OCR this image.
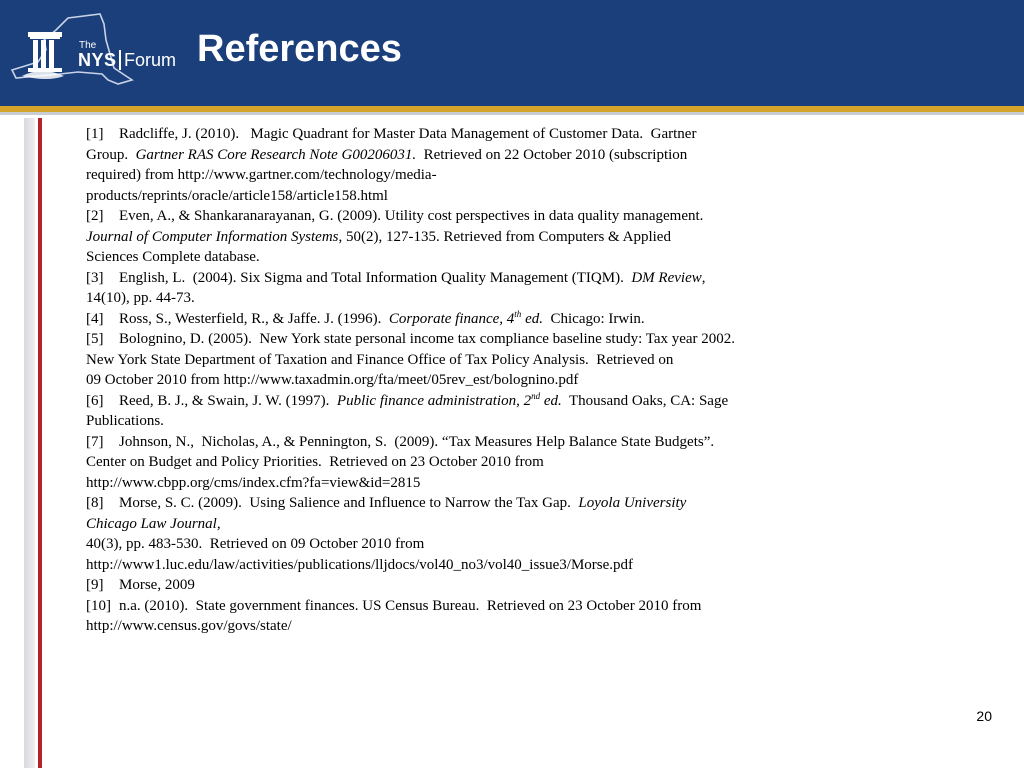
The
NYS Forum References

[1] Radcliffe, J. (2010).   Magic Quadrant for Master Data Management of Customer Data.  Gartner
Group.  Gartner RAS Core Research Note G00206031.  Retrieved on 22 October 2010 (subscription
required) from http://www.gartner.com/technology/media-
products/reprints/oracle/article158/article158.html

[2] Even, A., & Shankaranarayanan, G. (2009). Utility cost perspectives in data quality management.
Journal of Computer Information Systems, 50(2), 127-135. Retrieved from Computers & Applied
Sciences Complete database.

[3] English, L.  (2004). Six Sigma and Total Information Quality Management (TIQM).  DM Review,
14(10), pp. 44-73.

[4] Ross, S., Westerfield, R., & Jaffe. J. (1996).  Corporate finance, 4th ed.  Chicago: Irwin.

[5] Bolognino, D. (2005).  New York state personal income tax compliance baseline study: Tax year 2002.
New York State Department of Taxation and Finance Office of Tax Policy Analysis.  Retrieved on
09 October 2010 from http://www.taxadmin.org/fta/meet/05rev_est/bolognino.pdf

[6] Reed, B. J., & Swain, J. W. (1997).  Public finance administration, 2nd ed.  Thousand Oaks, CA: Sage
Publications.

[7] Johnson, N.,  Nicholas, A., & Pennington, S.  (2009). “Tax Measures Help Balance State Budgets”.
Center on Budget and Policy Priorities.  Retrieved on 23 October 2010 from
http://www.cbpp.org/cms/index.cfm?fa=view&id=2815

[8] Morse, S. C. (2009).  Using Salience and Influence to Narrow the Tax Gap.  Loyola University
Chicago Law Journal,
40(3), pp. 483-530.  Retrieved on 09 October 2010 from
http://www1.luc.edu/law/activities/publications/lljdocs/vol40_no3/vol40_issue3/Morse.pdf

[9] Morse, 2009

[10] n.a. (2010).  State government finances. US Census Bureau.  Retrieved on 23 October 2010 from
http://www.census.gov/govs/state/

20
